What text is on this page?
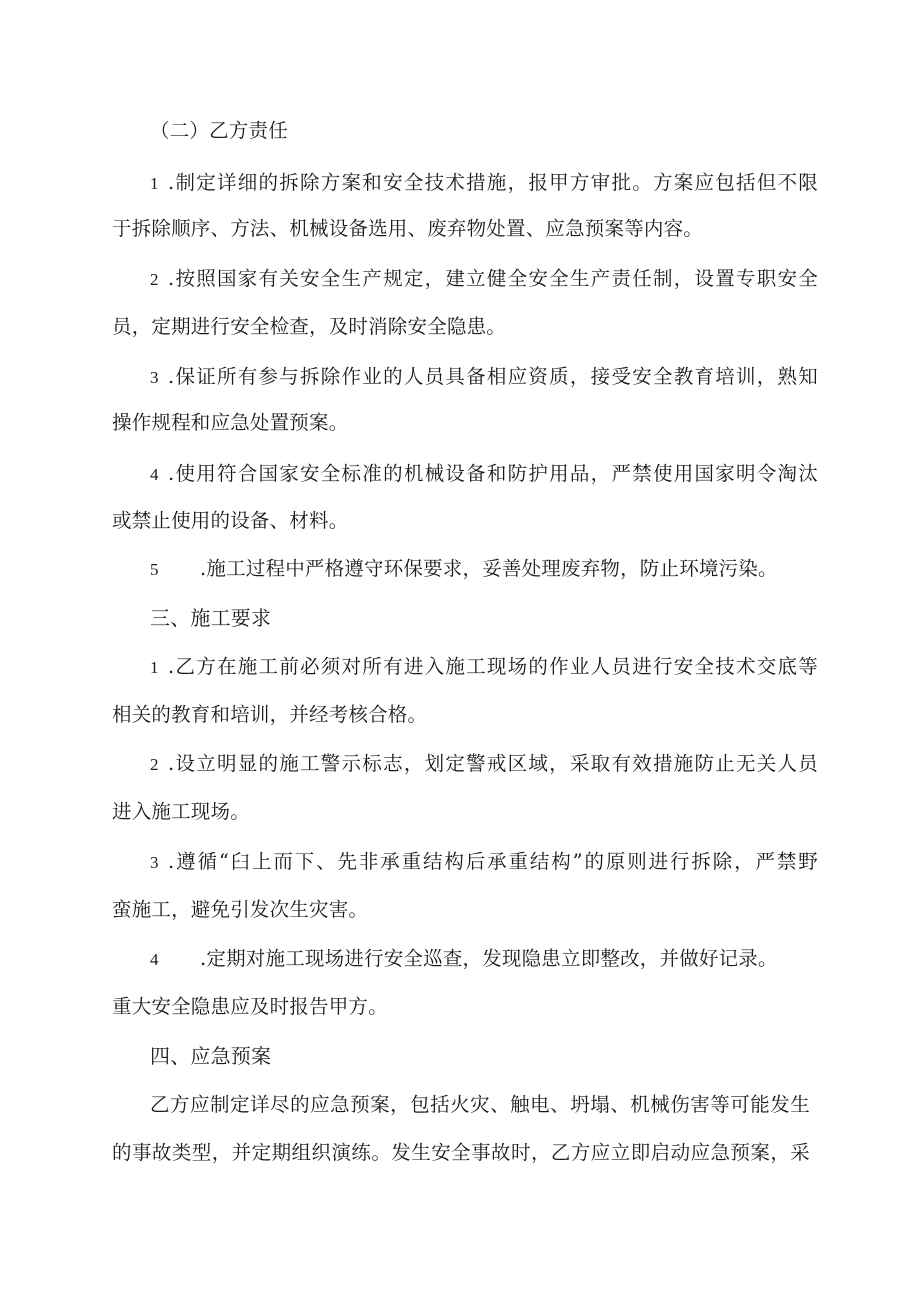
（二）乙方责任
1 .制定详细的拆除方案和安全技术措施，报甲方审批。方案应包括但不限
于拆除顺序、方法、机械设备选用、废弃物处置、应急预案等内容。
2 .按照国家有关安全生产规定，建立健全安全生产责任制，设置专职安全
员，定期进行安全检查，及时消除安全隐患。
3 .保证所有参与拆除作业的人员具备相应资质，接受安全教育培训，熟知
操作规程和应急处置预案。
4 .使用符合国家安全标准的机械设备和防护用品，严禁使用国家明令淘汰
或禁止使用的设备、材料。
5 .施工过程中严格遵守环保要求，妥善处理废弃物，防止环境污染。
三、施工要求
1 .乙方在施工前必须对所有进入施工现场的作业人员进行安全技术交底等
相关的教育和培训，并经考核合格。
2 .设立明显的施工警示标志，划定警戒区域，采取有效措施防止无关人员
进入施工现场。
3 .遵循“臼上而下、先非承重结构后承重结构”的原则进行拆除，严禁野
蛮施工，避免引发次生灾害。
4 .定期对施工现场进行安全巡查，发现隐患立即整改，并做好记录。
重大安全隐患应及时报告甲方。
四、应急预案
乙方应制定详尽的应急预案，包括火灾、触电、坍塌、机械伤害等可能发生
的事故类型，并定期组织演练。发生安全事故时，乙方应立即启动应急预案，采
